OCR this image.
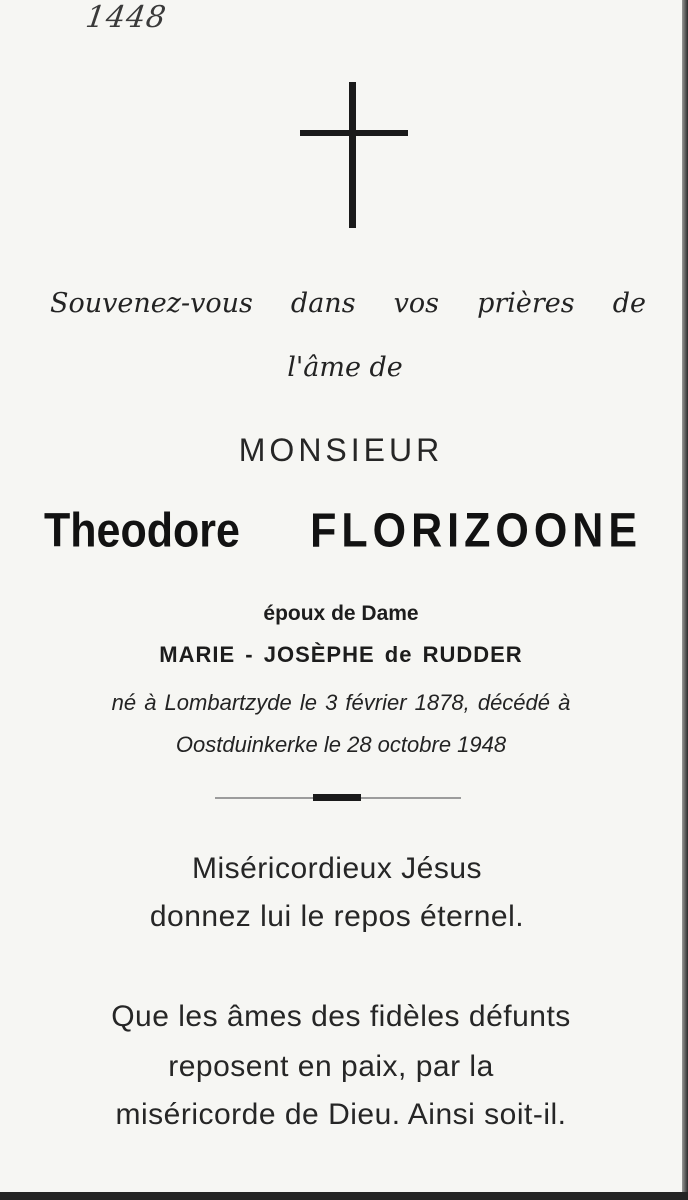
1448
Souvenez-vous dans vos prières de
l'âme de
MONSIEUR
Theodore FLORIZOONE
époux de Dame
MARIE - JOSÈPHE de RUDDER
né à Lombartzyde le 3 février 1878, décédé à
Oostduinkerke le 28 octobre 1948
Miséricordieux Jésus
donnez lui le repos éternel.
Que les âmes des fidèles défunts
reposent en paix, par la
miséricorde de Dieu. Ainsi soit-il.
